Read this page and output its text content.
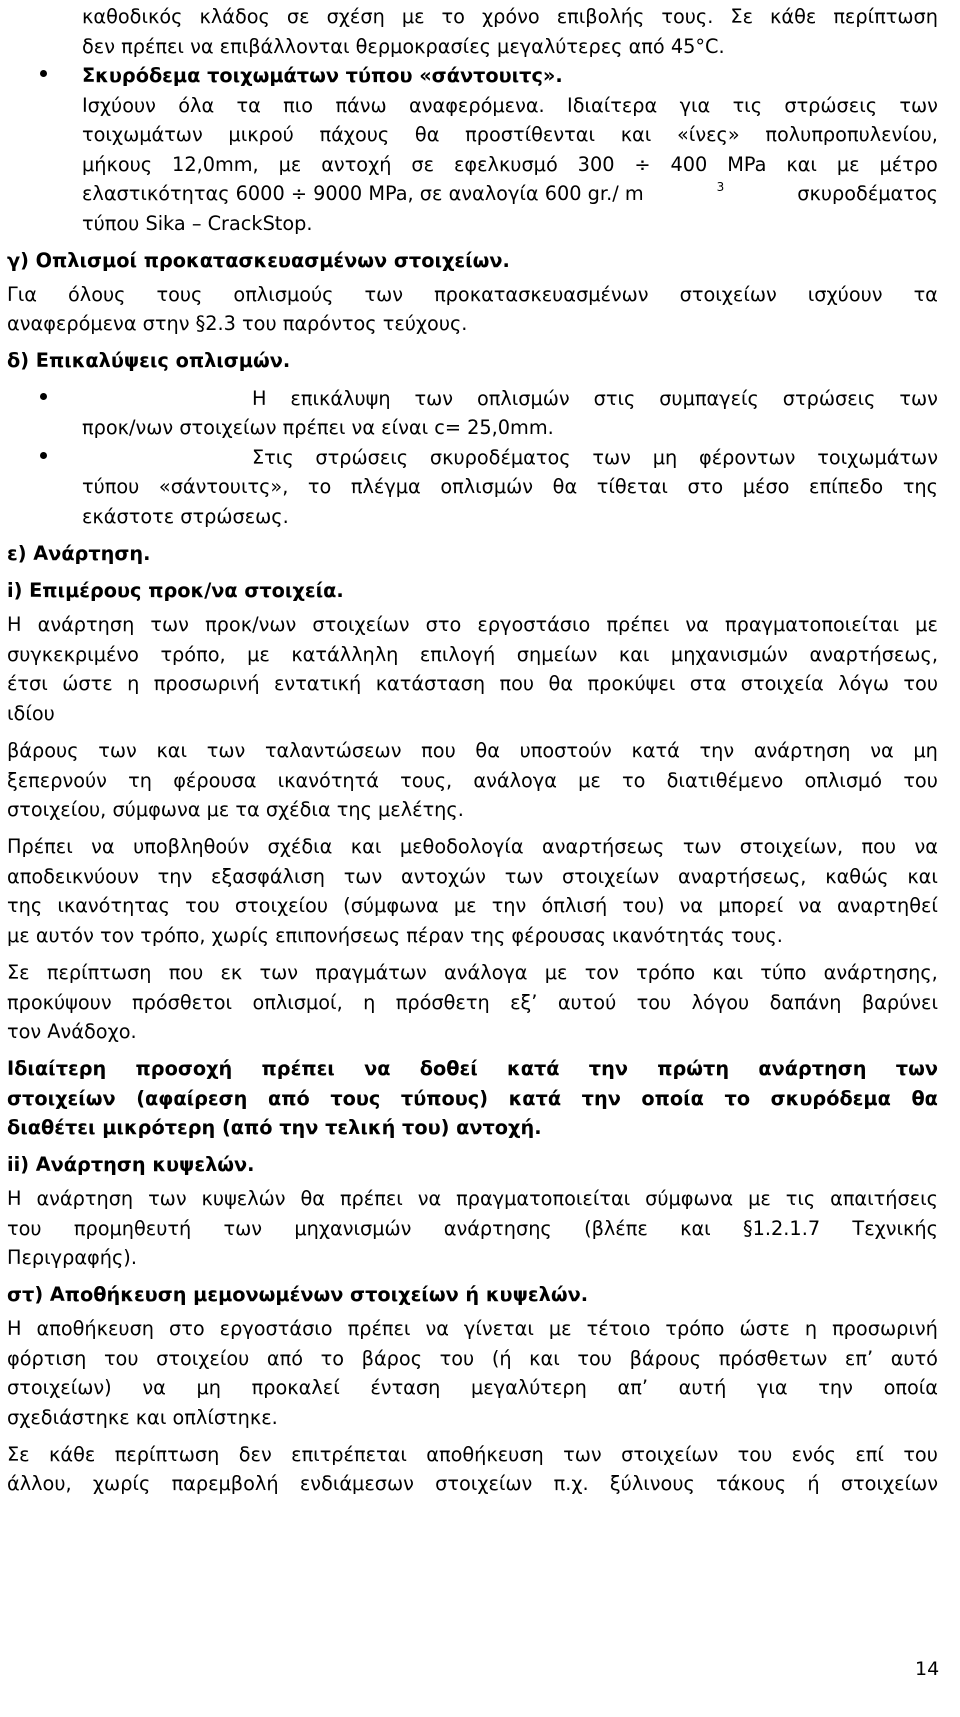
καθοδικός κλάδος σε σχέση με το χρόνο επιβολής τους. Σε κάθε περίπτωση
δεν πρέπει να επιβάλλονται θερμοκρασίες μεγαλύτερες από 45°C.
Σκυρόδεμα τοιχωμάτων τύπου «σάντουιτς».
Ισχύουν όλα τα πιο πάνω αναφερόμενα. Ιδιαίτερα για τις στρώσεις των
τοιχωμάτων μικρού πάχους θα προστίθενται και «ίνες» πολυπροπυλενίου,
μήκους 12,0mm, με αντοχή σε εφελκυσμό 300 ÷ 400 MPa και με μέτρο
ελαστικότητας 6000 ÷ 9000 MPa, σε αναλογία 600 gr./ m	$^3$	σκυροδέματος
τύπου Sika – CrackStop.
γ) Οπλισμοί προκατασκευασμένων στοιχείων.
Για όλους τους οπλισμούς των προκατασκευασμένων στοιχείων ισχύουν τα
αναφερόμενα στην §2.3 του παρόντος τεύχους.
δ) Επικαλύψεις οπλισμών.
Η επικάλυψη των οπλισμών στις συμπαγείς στρώσεις των
προκ/νων στοιχείων πρέπει να είναι c= 25,0mm.
Στις στρώσεις σκυροδέματος των μη φέροντων τοιχωμάτων
τύπου «σάντουιτς», το πλέγμα οπλισμών θα τίθεται στο μέσο επίπεδο της
εκάστοτε στρώσεως.
ε) Ανάρτηση.
i) Επιμέρους προκ/να στοιχεία.
Η ανάρτηση των προκ/νων στοιχείων στο εργοστάσιο πρέπει να πραγματοποιείται με
συγκεκριμένο τρόπο, με κατάλληλη επιλογή σημείων και μηχανισμών αναρτήσεως,
έτσι ώστε η προσωρινή εντατική κατάσταση που θα προκύψει στα στοιχεία λόγω του
ιδίου
βάρους των και των ταλαντώσεων που θα υποστούν κατά την ανάρτηση να μη
ξεπερνούν τη φέρουσα ικανότητά τους, ανάλογα με το διατιθέμενο οπλισμό του
στοιχείου, σύμφωνα με τα σχέδια της μελέτης.
Πρέπει να υποβληθούν σχέδια και μεθοδολογία αναρτήσεως των στοιχείων, που να
αποδεικνύουν την εξασφάλιση των αντοχών των στοιχείων αναρτήσεως, καθώς και
της ικανότητας του στοιχείου (σύμφωνα με την όπλισή του) να μπορεί να αναρτηθεί
με αυτόν τον τρόπο, χωρίς επιπονήσεως πέραν της φέρουσας ικανότητάς τους.
Σε περίπτωση που εκ των πραγμάτων ανάλογα με τον τρόπο και τύπο ανάρτησης,
προκύψουν πρόσθετοι οπλισμοί, η πρόσθετη εξ’ αυτού του λόγου δαπάνη βαρύνει
τον Ανάδοχο.
Ιδιαίτερη προσοχή πρέπει να δοθεί κατά την πρώτη ανάρτηση των
στοιχείων (αφαίρεση από τους τύπους) κατά την οποία το σκυρόδεμα θα
διαθέτει μικρότερη (από την τελική του) αντοχή.
ii) Ανάρτηση κυψελών.
Η ανάρτηση των κυψελών θα πρέπει να πραγματοποιείται σύμφωνα με τις απαιτήσεις
του προμηθευτή των μηχανισμών ανάρτησης (βλέπε και §1.2.1.7 Τεχνικής
Περιγραφής).
στ) Αποθήκευση μεμονωμένων στοιχείων ή κυψελών.
Η αποθήκευση στο εργοστάσιο πρέπει να γίνεται με τέτοιο τρόπο ώστε η προσωρινή
φόρτιση του στοιχείου από το βάρος του (ή και του βάρους πρόσθετων επ’ αυτό
στοιχείων) να μη προκαλεί ένταση μεγαλύτερη απ’ αυτή για την οποία
σχεδιάστηκε και οπλίστηκε.
Σε κάθε περίπτωση δεν επιτρέπεται αποθήκευση των στοιχείων του ενός επί του
άλλου, χωρίς παρεμβολή ενδιάμεσων στοιχείων π.χ. ξύλινους τάκους ή στοιχείων
14
